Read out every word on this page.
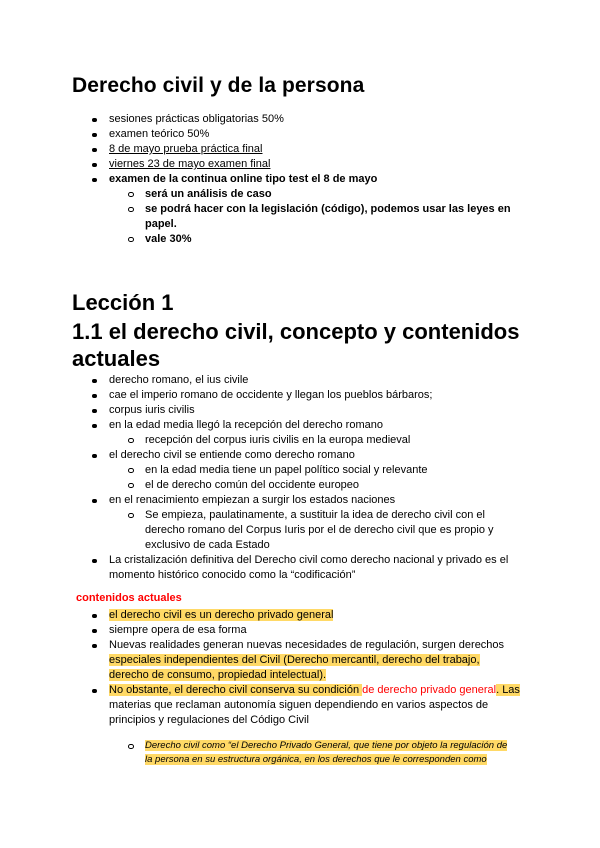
Derecho civil y de la persona
sesiones prácticas obligatorias 50%
examen teórico 50%
8 de mayo prueba práctica final
viernes 23 de mayo examen final
examen de la continua online tipo test el 8 de mayo
será un análisis de caso
se podrá hacer con la legislación (código), podemos usar las leyes en papel.
vale 30%
Lección 1
1.1 el derecho civil, concepto y contenidos actuales
derecho romano, el ius civile
cae el imperio romano de occidente y llegan los pueblos bárbaros;
corpus iuris civilis
en la edad media llegó la recepción del derecho romano
recepción del corpus iuris civilis en la europa medieval
el derecho civil se entiende como derecho romano
en la edad media tiene un papel político social y relevante
el de derecho común del occidente europeo
en el renacimiento empiezan a surgir los estados naciones
Se empieza, paulatinamente, a sustituir la idea de derecho civil con el derecho romano del Corpus Iuris por el de derecho civil que es propio y exclusivo de cada Estado
La cristalización definitiva del Derecho civil como derecho nacional y privado es el momento histórico conocido como la “codificación”
contenidos actuales
el derecho civil es un derecho privado general
siempre opera de esa forma
Nuevas realidades generan nuevas necesidades de regulación, surgen derechos especiales independientes del Civil (Derecho mercantil, derecho del trabajo, derecho de consumo, propiedad intelectual).
No obstante, el derecho civil conserva su condición de derecho privado general. Las materias que reclaman autonomía siguen dependiendo en varios aspectos de principios y regulaciones del Código Civil
Derecho civil como “el Derecho Privado General, que tiene por objeto la regulación de la persona en su estructura orgánica, en los derechos que le corresponden como
